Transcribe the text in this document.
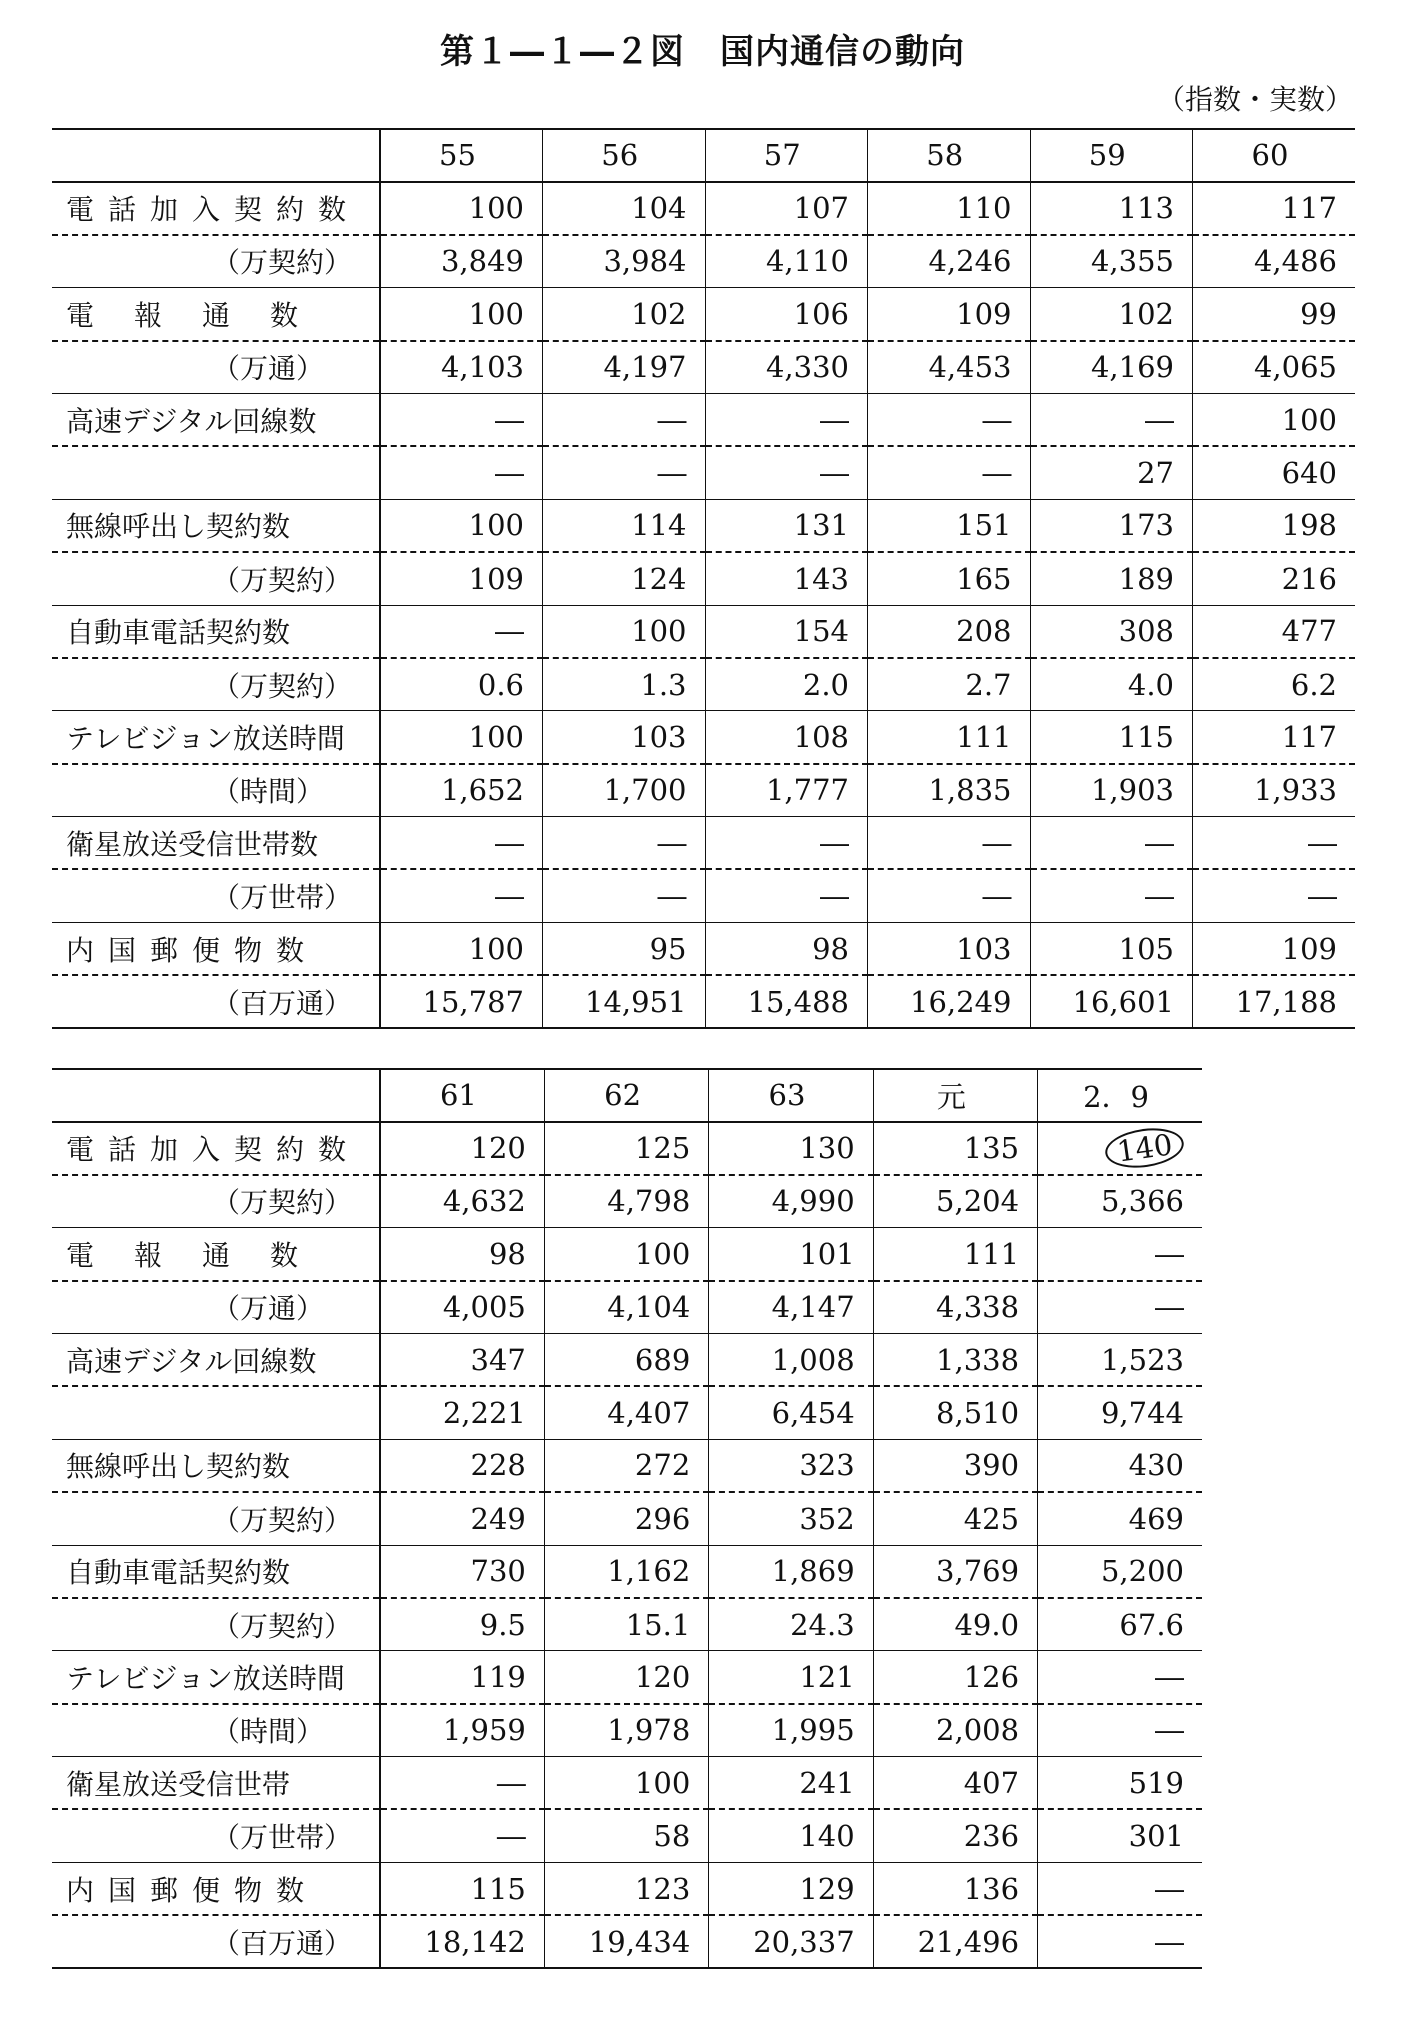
第１―１―２図　国内通信の動向
（指数・実数）
	55	56	57	58	59	60
電話加入契約数	100	104	107	110	113	117
（万契約）	3,849	3,984	4,110	4,246	4,355	4,486
電報通数	100	102	106	109	102	99
（万通）	4,103	4,197	4,330	4,453	4,169	4,065
高速デジタル回線数	―	―	―	―	―	100
	―	―	―	―	27	640
無線呼出し契約数	100	114	131	151	173	198
（万契約）	109	124	143	165	189	216
自動車電話契約数	―	100	154	208	308	477
（万契約）	0.6	1.3	2.0	2.7	4.0	6.2
テレビジョン放送時間	100	103	108	111	115	117
（時間）	1,652	1,700	1,777	1,835	1,903	1,933
衛星放送受信世帯数	―	―	―	―	―	―
（万世帯）	―	―	―	―	―	―
内国郵便物数	100	95	98	103	105	109
（百万通）	15,787	14,951	15,488	16,249	16,601	17,188
	61	62	63	元	2．9
電話加入契約数	120	125	130	135	140
（万契約）	4,632	4,798	4,990	5,204	5,366
電報通数	98	100	101	111	―
（万通）	4,005	4,104	4,147	4,338	―
高速デジタル回線数	347	689	1,008	1,338	1,523
	2,221	4,407	6,454	8,510	9,744
無線呼出し契約数	228	272	323	390	430
（万契約）	249	296	352	425	469
自動車電話契約数	730	1,162	1,869	3,769	5,200
（万契約）	9.5	15.1	24.3	49.0	67.6
テレビジョン放送時間	119	120	121	126	―
（時間）	1,959	1,978	1,995	2,008	―
衛星放送受信世帯	―	100	241	407	519
（万世帯）	―	58	140	236	301
内国郵便物数	115	123	129	136	―
（百万通）	18,142	19,434	20,337	21,496	―
